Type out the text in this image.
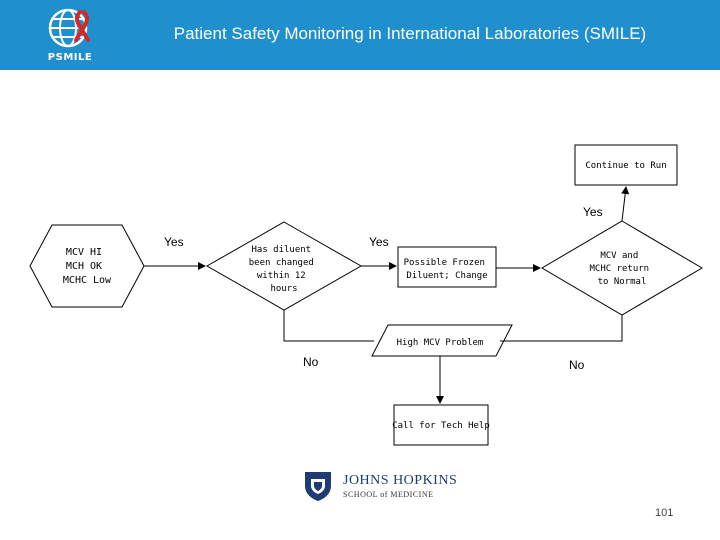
PSMILE
Patient Safety Monitoring in International Laboratories (SMILE)
MCV HI MCH OK MCHC Low
Has diluent been changed within 12 hours
Possible Frozen Diluent; Change
MCV and MCHC return to Normal
Continue to Run
High MCV Problem
Call for Tech Help
Yes	Yes
Yes
No	No
JOHNS HOPKINS
SCHOOL of MEDICINE
101
